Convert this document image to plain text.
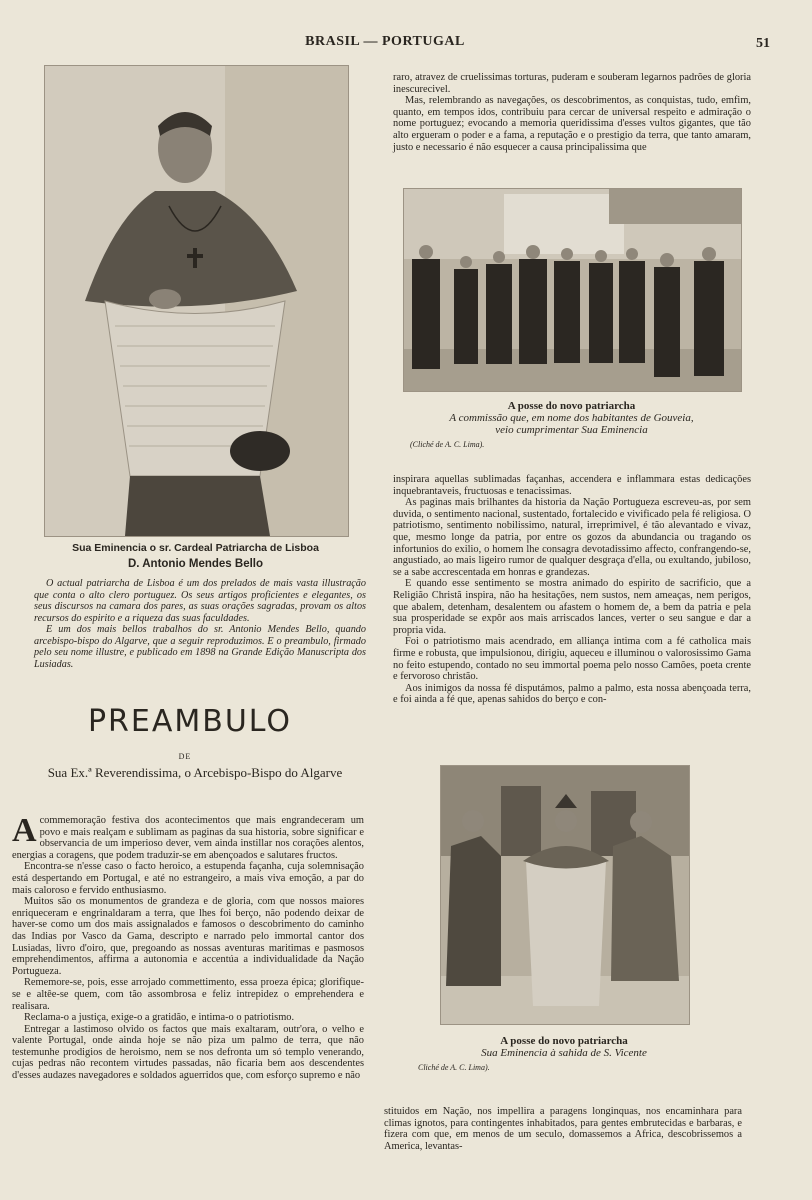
BRASIL — PORTUGAL	51
Sua Eminencia o sr. Cardeal Patriarcha de Lisboa
D. Antonio Mendes Bello

O actual patriarcha de Lisboa é um dos prelados de mais vasta illustração que conta o alto clero portuguez. Os seus artigos proficientes e elegantes, os seus discursos na camara dos pares, as suas orações sagradas, provam os altos recursos do espirito e a riqueza das suas faculdades.

E um dos mais bellos trabalhos do sr. Antonio Mendes Bello, quando arcebispo-bispo do Algarve, que a seguir reproduzimos. E o preambulo, firmado pelo seu nome illustre, e publicado em 1898 na Grande Edição Manuscripta dos Lusiadas.

PREAMBULO
DE
Sua Ex.ª Reverendissima, o Arcebispo-Bispo do Algarve

Acommemoração festiva dos acontecimentos que mais engrandeceram um povo e mais realçam e sublimam as paginas da sua historia, sobre significar e observancia de um imperioso dever, vem ainda instillar nos corações alentos, energias a coragens, que podem traduzir-se em abençoados e salutares fructos.

Encontra-se n'esse caso o facto heroico, a estupenda façanha, cuja solemnisação está despertando em Portugal, e até no estrangeiro, a mais viva emoção, a par do mais caloroso e fervido enthusiasmo.

Muitos são os monumentos de grandeza e de gloria, com que nossos maiores enriqueceram e engrinaldaram a terra, que lhes foi berço, não podendo deixar de haver-se como um dos mais assignalados e famosos o descobrimento do caminho das Indias por Vasco da Gama, descripto e narrado pelo immortal cantor dos Lusiadas, livro d'oiro, que, pregoando as nossas aventuras maritimas e pasmosos emprehendimentos, affirma a autonomia e accentúa a individualidade da Nação Portugueza.

Rememore-se, pois, esse arrojado commettimento, essa proeza épica; glorifique-se e altêe-se quem, com tão assombrosa e feliz intrepidez o emprehendera e realisara.

Reclama-o a justiça, exige-o a gratidão, e intima-o o patriotismo.

Entregar a lastimoso olvido os factos que mais exaltaram, outr'ora, o velho e valente Portugal, onde ainda hoje se não piza um palmo de terra, que não testemunhe prodigios de heroismo, nem se nos defronta um só templo venerando, cujas pedras não recontem virtudes passadas, não ficaria bem aos descendentes d'esses audazes navegadores e soldados aguerridos que, com esforço supremo e não

raro, atravez de cruelissimas torturas, puderam e souberam legarnos padrões de gloria inescurecivel.

Mas, relembrando as navegações, os descobrimentos, as conquistas, tudo, emfim, quanto, em tempos idos, contribuiu para cercar de universal respeito e admiração o nome portuguez; evocando a memoria queridissima d'esses vultos gigantes, que tão alto ergueram o poder e a fama, a reputação e o prestigio da terra, que tanto amaram, justo e necessario é não esquecer a causa principalissima que

A posse do novo patriarcha
A commissão que, em nome dos habitantes de Gouveia,
veio cumprimentar Sua Eminencia
(Cliché de A. C. Lima).

inspirara aquellas sublimadas façanhas, accendera e inflammara estas dedicações inquebrantaveis, fructuosas e tenacissimas.

As paginas mais brilhantes da historia da Nação Portugueza escreveu-as, por sem duvida, o sentimento nacional, sustentado, fortalecido e vivificado pela fé religiosa. O patriotismo, sentimento nobilissimo, natural, irreprimivel, é tão alevantado e vivaz, que, mesmo longe da patria, por entre os gozos da abundancia ou tragando os infortunios do exilio, o homem lhe consagra devotadissimo affecto, confrangendo-se, angustiado, ao mais ligeiro rumor de qualquer desgraça d'ella, ou exultando, jubiloso, se a sabe accrescentada em honras e grandezas.

E quando esse sentimento se mostra animado do espirito de sacrificio, que a Religião Christã inspira, não ha hesitações, nem sustos, nem ameaças, nem perigos, que abalem, detenham, desalentem ou afastem o homem de, a bem da patria e pela sua prosperidade se expôr aos mais arriscados lances, verter o seu sangue e dar a propria vida.

Foi o patriotismo mais acendrado, em alliança intima com a fé catholica mais firme e robusta, que impulsionou, dirigiu, aqueceu e illuminou o valorosissimo Gama no feito estupendo, contado no seu immortal poema pelo nosso Camões, poeta crente e fervoroso christão.

Aos inimigos da nossa fé disputámos, palmo a palmo, esta nossa abençoada terra, e foi ainda a fé que, apenas sahidos do berço e con-

A posse do novo patriarcha
Sua Eminencia à sahida de S. Vicente
Cliché de A. C. Lima).

stituidos em Nação, nos impellira a paragens longinquas, nos encaminhara para climas ignotos, para contingentes inhabitados, para gentes embrutecidas e barbaras, e fizera com que, em menos de um seculo, domassemos a Africa, descobrissemos a America, levantas-
